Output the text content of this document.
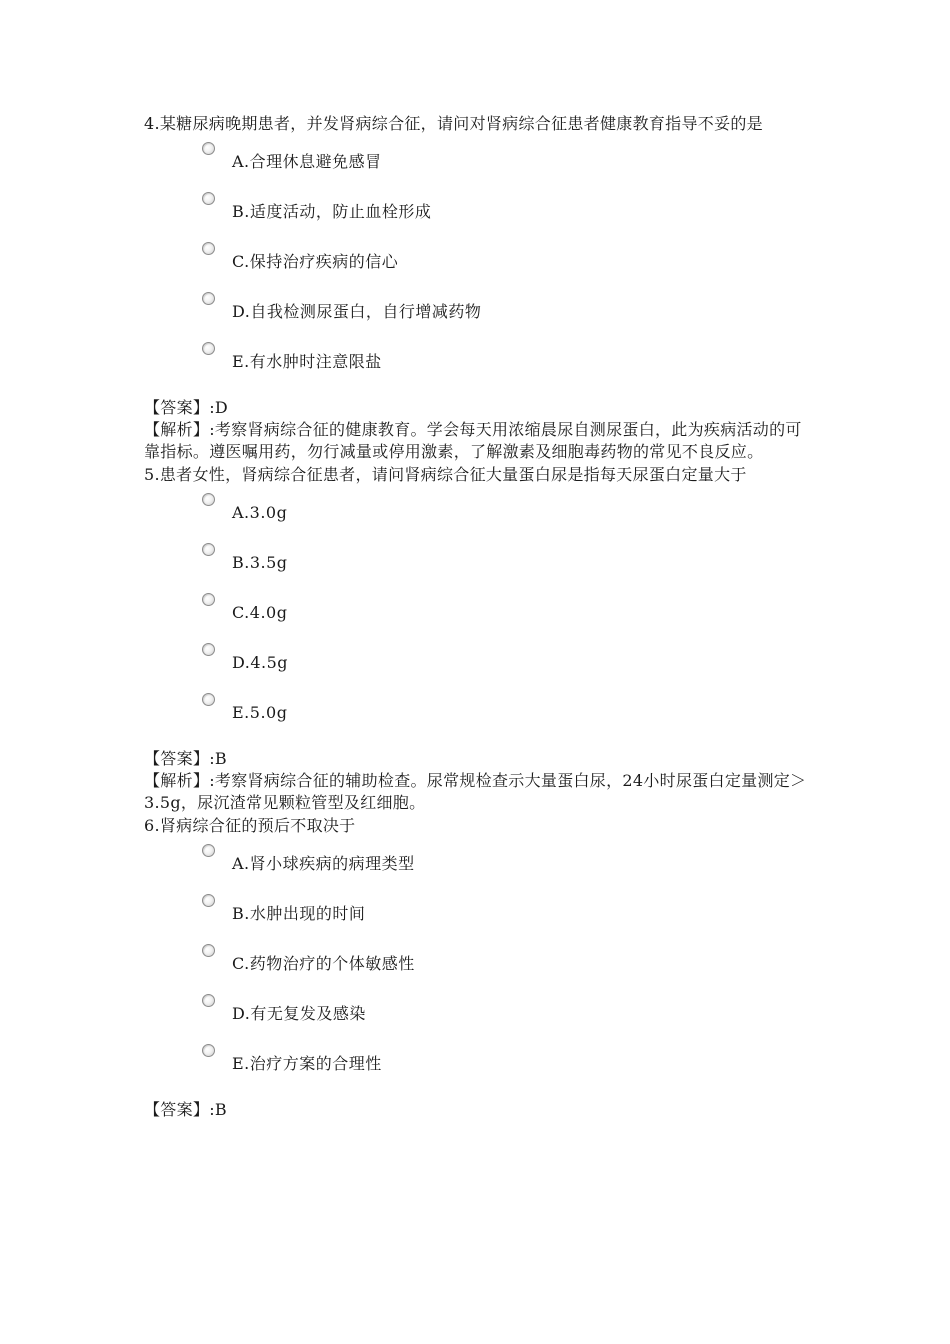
4.某糖尿病晚期患者，并发肾病综合征，请问对肾病综合征患者健康教育指导不妥的是

A.合理休息避免感冒
B.适度活动，防止血栓形成
C.保持治疗疾病的信心
D.自我检测尿蛋白，自行增减药物
E.有水肿时注意限盐

【答案】:D

【解析】:考察肾病综合征的健康教育。学会每天用浓缩晨尿自测尿蛋白，此为疾病活动的可靠指标。遵医嘱用药，勿行减量或停用激素，了解激素及细胞毒药物的常见不良反应。

5.患者女性，肾病综合征患者，请问肾病综合征大量蛋白尿是指每天尿蛋白定量大于

A.3.0g
B.3.5g
C.4.0g
D.4.5g
E.5.0g

【答案】:B

【解析】:考察肾病综合征的辅助检查。尿常规检查示大量蛋白尿，24小时尿蛋白定量测定＞3.5g，尿沉渣常见颗粒管型及红细胞。

6.肾病综合征的预后不取决于

A.肾小球疾病的病理类型
B.水肿出现的时间
C.药物治疗的个体敏感性
D.有无复发及感染
E.治疗方案的合理性

【答案】:B
